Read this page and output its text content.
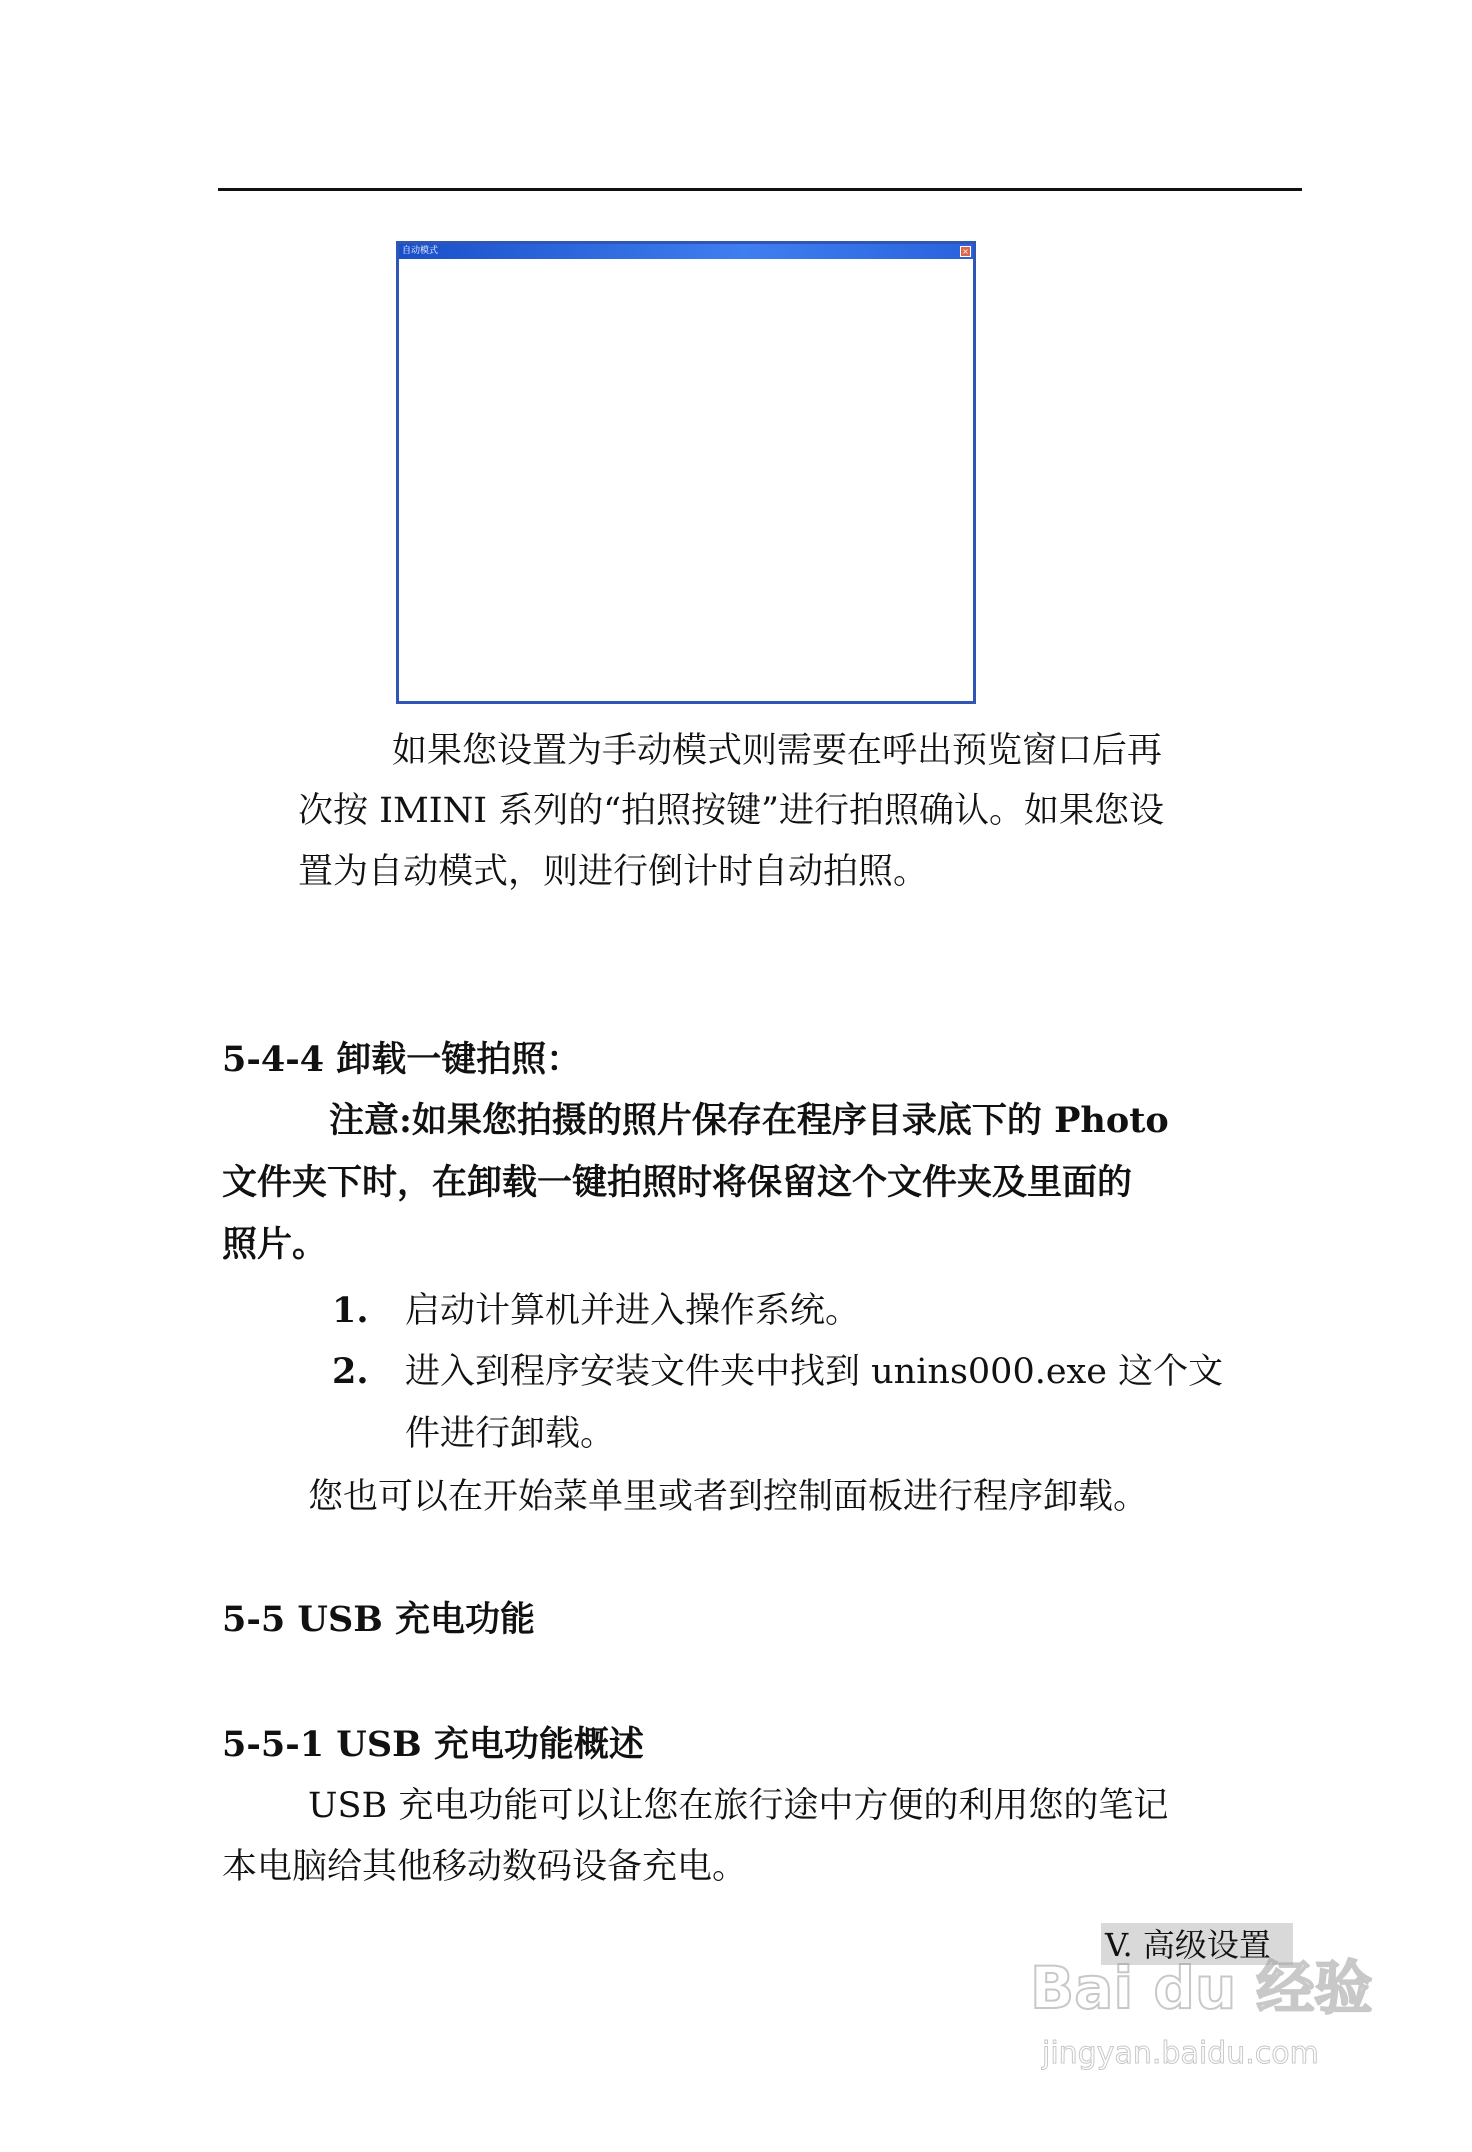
自动模式	×
如果您设置为手动模式则需要在呼出预览窗口后再
次按 IMINI 系列的“拍照按键”进行拍照确认。如果您设
置为自动模式，则进行倒计时自动拍照。
5-4-4 卸载一键拍照：
注意:如果您拍摄的照片保存在程序目录底下的 Photo
文件夹下时，在卸载一键拍照时将保留这个文件夹及里面的
照片。
1. 启动计算机并进入操作系统。
2. 进入到程序安装文件夹中找到 unins000.exe 这个文
件进行卸载。
您也可以在开始菜单里或者到控制面板进行程序卸载。
5-5 USB 充电功能
5-5-1 USB 充电功能概述
USB 充电功能可以让您在旅行途中方便的利用您的笔记
本电脑给其他移动数码设备充电。
V. 高级设置
Bai du 经验
jingyan.baidu.com
